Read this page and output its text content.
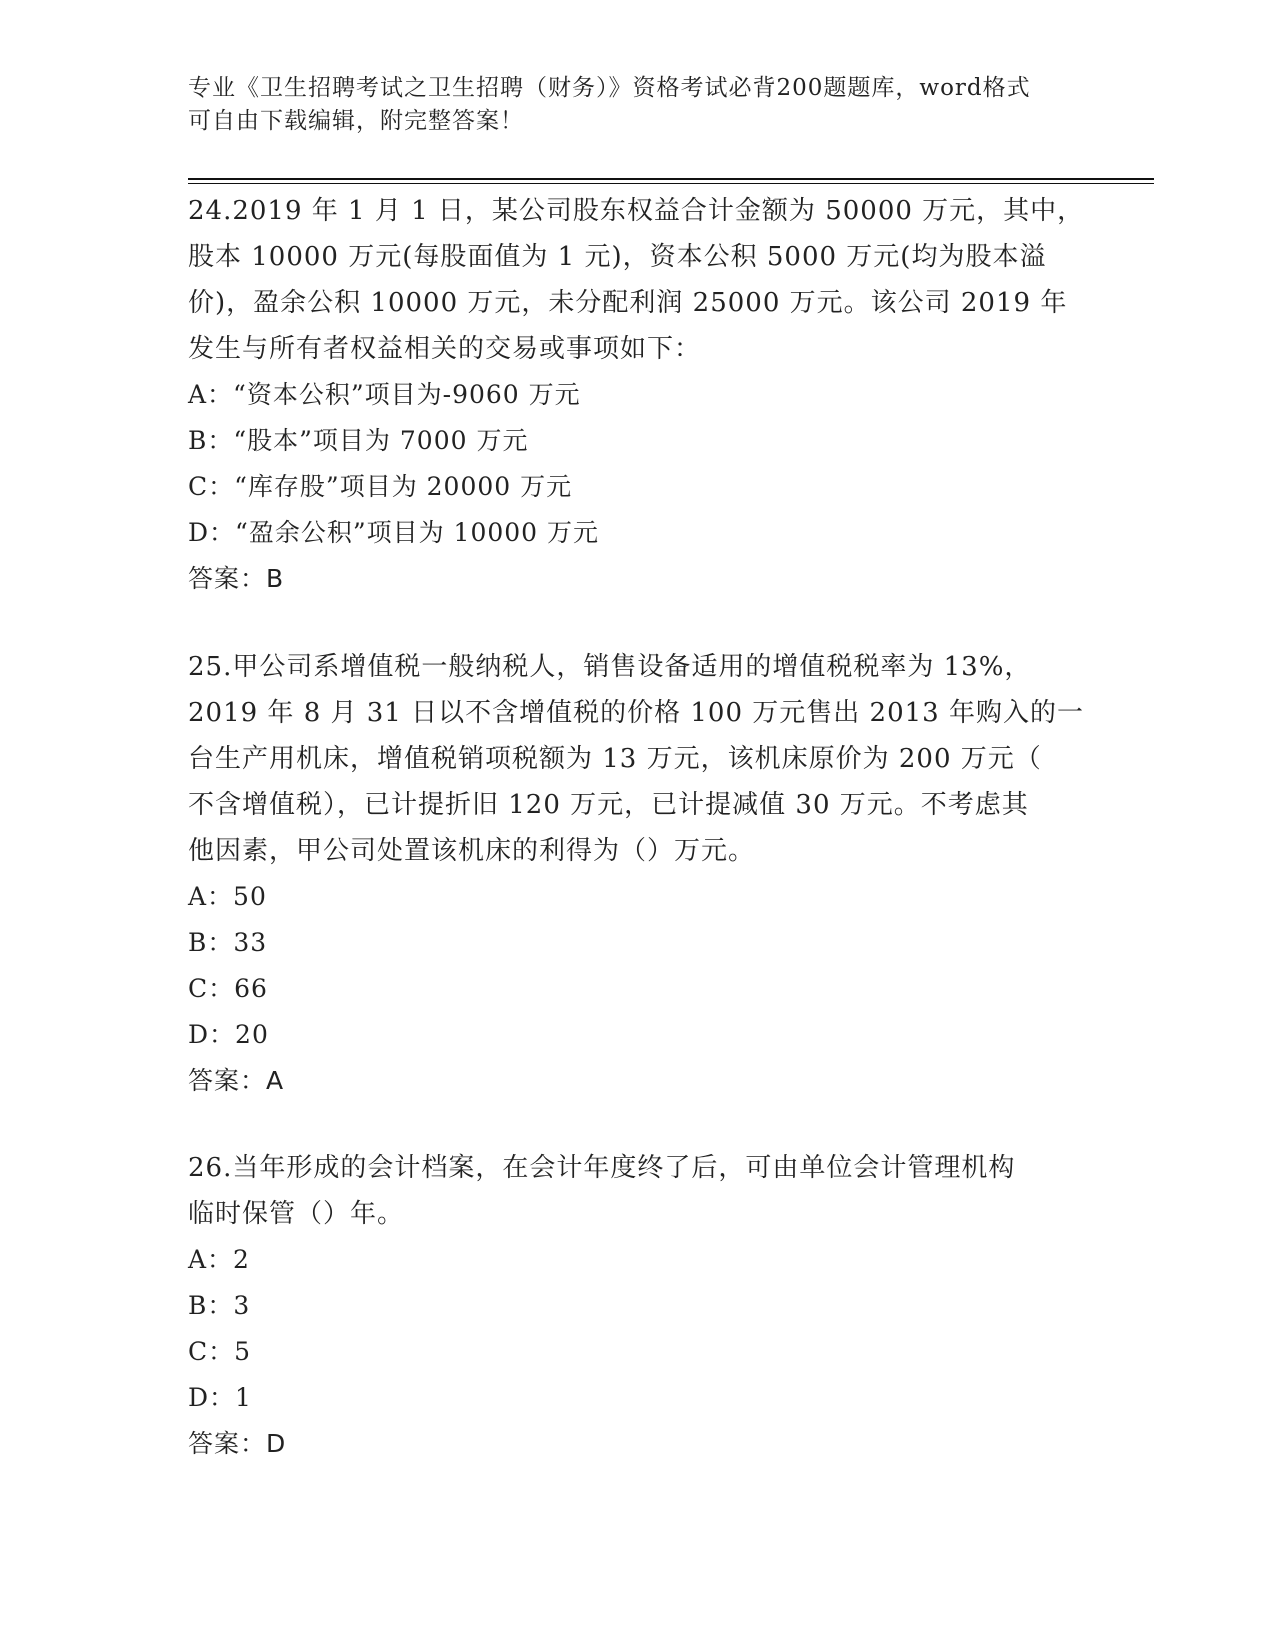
专业《卫生招聘考试之卫生招聘（财务）》资格考试必背200题题库，word格式
可自由下载编辑，附完整答案！
24.2019 年 1 月 1 日，某公司股东权益合计金额为 50000 万元，其中，
股本 10000 万元(每股面值为 1 元)，资本公积 5000 万元(均为股本溢
价)，盈余公积 10000 万元，未分配利润 25000 万元。该公司 2019 年
发生与所有者权益相关的交易或事项如下：
A：“资本公积”项目为-9060 万元
B：“股本”项目为 7000 万元
C：“库存股”项目为 20000 万元
D：“盈余公积”项目为 10000 万元
答案：B
25.甲公司系增值税一般纳税人，销售设备适用的增值税税率为 13%，
2019 年 8 月 31 日以不含增值税的价格 100 万元售出 2013 年购入的一
台生产用机床，增值税销项税额为 13 万元，该机床原价为 200 万元（
不含增值税），已计提折旧 120 万元，已计提减值 30 万元。不考虑其
他因素，甲公司处置该机床的利得为（）万元。
A：50
B：33
C：66
D：20
答案：A
26.当年形成的会计档案，在会计年度终了后，可由单位会计管理机构
临时保管（）年。
A：2
B：3
C：5
D：1
答案：D
